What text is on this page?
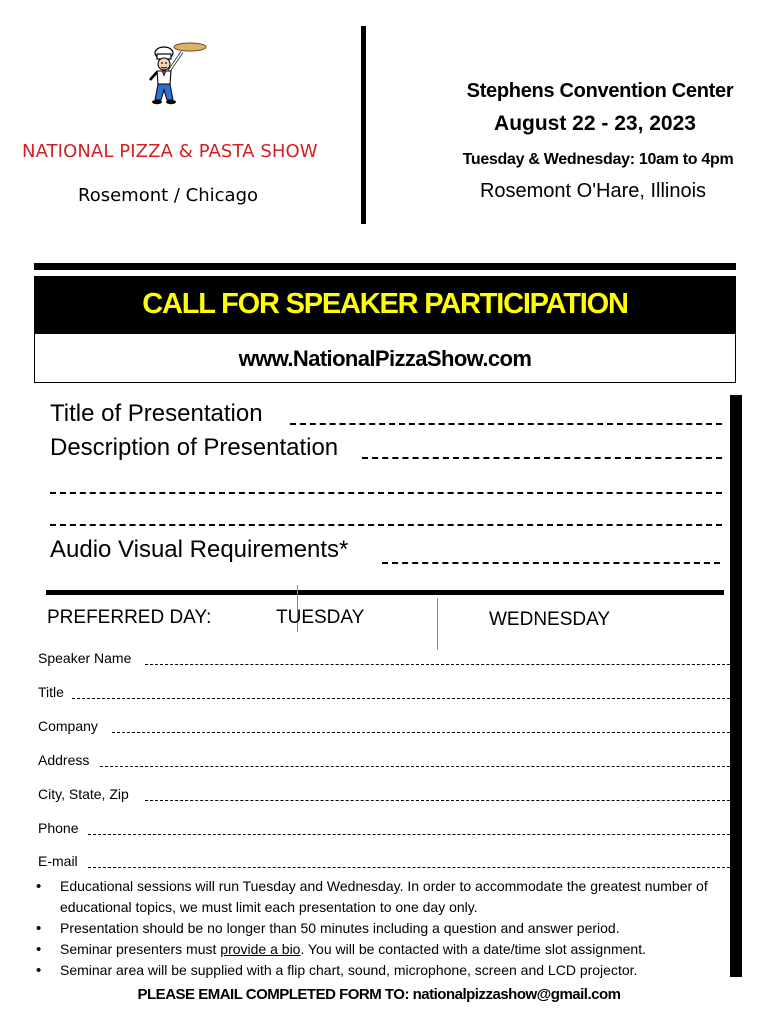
NATIONAL PIZZA & PASTA SHOW
Rosemont / Chicago
Stephens Convention Center
August 22 - 23, 2023
Tuesday & Wednesday: 10am to 4pm
Rosemont O'Hare, Illinois
CALL FOR SPEAKER PARTICIPATION
www.NationalPizzaShow.com
Title of Presentation
Description of Presentation
Audio Visual Requirements*
PREFERRED DAY:	TUESDAY	WEDNESDAY
Speaker Name
Title
Company
Address
City, State, Zip
Phone
E-mail
• Educational sessions will run Tuesday and Wednesday. In order to accommodate the greatest number of educational topics, we must limit each presentation to one day only.
• Presentation should be no longer than 50 minutes including a question and answer period.
• Seminar presenters must provide a bio. You will be contacted with a date/time slot assignment.
• Seminar area will be supplied with a flip chart, sound, microphone, screen and LCD projector.
PLEASE EMAIL COMPLETED FORM TO: nationalpizzashow@gmail.com
